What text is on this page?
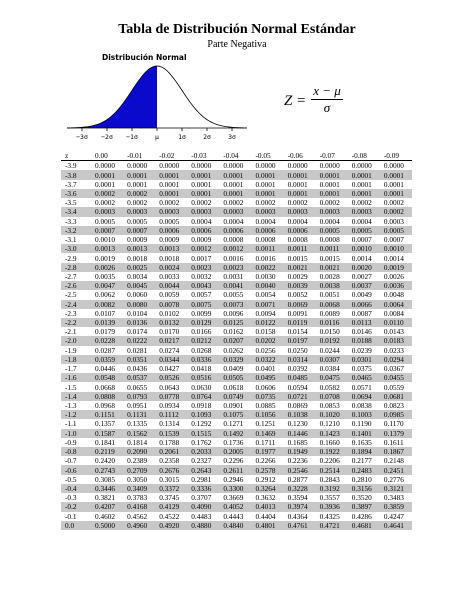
Tabla de Distribución Normal Estándar
Parte Negativa
Distribución Normal
−3σ −2σ −1σ	μ	1σ	2σ	3σ
Z =
x − μ
σ
z	0.00	-0.01	-0.02	-0.03	-0.04	-0.05	-0.06	-0.07	-0.08	-0.09
-3.9	0.0000	0.0000	0.0000	0.0000	0.0000	0.0000	0.0000	0.0000	0.0000	0.0000
-3.8	0.0001	0.0001	0.0001	0.0001	0.0001	0.0001	0.0001	0.0001	0.0001	0.0001
-3.7	0.0001	0.0001	0.0001	0.0001	0.0001	0.0001	0.0001	0.0001	0.0001	0.0001
-3.6	0.0002	0.0002	0.0001	0.0001	0.0001	0.0001	0.0001	0.0001	0.0001	0.0001
-3.5	0.0002	0.0002	0.0002	0.0002	0.0002	0.0002	0.0002	0.0002	0.0002	0.0002
-3.4	0.0003	0.0003	0.0003	0.0003	0.0003	0.0003	0.0003	0.0003	0.0003	0.0002
-3.3	0.0005	0.0005	0.0005	0.0004	0.0004	0.0004	0.0004	0.0004	0.0004	0.0003
-3.2	0.0007	0.0007	0.0006	0.0006	0.0006	0.0006	0.0006	0.0005	0.0005	0.0005
-3.1	0.0010	0.0009	0.0009	0.0009	0.0008	0.0008	0.0008	0.0008	0.0007	0.0007
-3.0	0.0013	0.0013	0.0013	0.0012	0.0012	0.0011	0.0011	0.0011	0.0010	0.0010
-2.9	0.0019	0.0018	0.0018	0.0017	0.0016	0.0016	0.0015	0.0015	0.0014	0.0014
-2.8	0.0026	0.0025	0.0024	0.0023	0.0023	0.0022	0.0021	0.0021	0.0020	0.0019
-2.7	0.0035	0.0034	0.0033	0.0032	0.0031	0.0030	0.0029	0.0028	0.0027	0.0026
-2.6	0.0047	0.0045	0.0044	0.0043	0.0041	0.0040	0.0039	0.0038	0.0037	0.0036
-2.5	0.0062	0.0060	0.0059	0.0057	0.0055	0.0054	0.0052	0.0051	0.0049	0.0048
-2.4	0.0082	0.0080	0.0078	0.0075	0.0073	0.0071	0.0069	0.0068	0.0066	0.0064
-2.3	0.0107	0.0104	0.0102	0.0099	0.0096	0.0094	0.0091	0.0089	0.0087	0.0084
-2.2	0.0139	0.0136	0.0132	0.0129	0.0125	0.0122	0.0119	0.0116	0.0113	0.0110
-2.1	0.0179	0.0174	0.0170	0.0166	0.0162	0.0158	0.0154	0.0150	0.0146	0.0143
-2.0	0.0228	0.0222	0.0217	0.0212	0.0207	0.0202	0.0197	0.0192	0.0188	0.0183
-1.9	0.0287	0.0281	0.0274	0.0268	0.0262	0.0256	0.0250	0.0244	0.0239	0.0233
-1.8	0.0359	0.0351	0.0344	0.0336	0.0329	0.0322	0.0314	0.0307	0.0301	0.0294
-1.7	0.0446	0.0436	0.0427	0.0418	0.0409	0.0401	0.0392	0.0384	0.0375	0.0367
-1.6	0.0548	0.0537	0.0526	0.0516	0.0505	0.0495	0.0485	0.0475	0.0465	0.0455
-1.5	0.0668	0.0655	0.0643	0.0630	0.0618	0.0606	0.0594	0.0582	0.0571	0.0559
-1.4	0.0808	0.0793	0.0778	0.0764	0.0749	0.0735	0.0721	0.0708	0.0694	0.0681
-1.3	0.0968	0.0951	0.0934	0.0918	0.0901	0.0885	0.0869	0.0853	0.0838	0.0823
-1.2	0.1151	0.1131	0.1112	0.1093	0.1075	0.1056	0.1038	0.1020	0.1003	0.0985
-1.1	0.1357	0.1335	0.1314	0.1292	0.1271	0.1251	0.1230	0.1210	0.1190	0.1170
-1.0	0.1587	0.1562	0.1539	0.1515	0.1492	0.1469	0.1446	0.1423	0.1401	0.1379
-0.9	0.1841	0.1814	0.1788	0.1762	0.1736	0.1711	0.1685	0.1660	0.1635	0.1611
-0.8	0.2119	0.2090	0.2061	0.2033	0.2005	0.1977	0.1949	0.1922	0.1894	0.1867
-0.7	0.2420	0.2389	0.2358	0.2327	0.2296	0.2266	0.2236	0.2206	0.2177	0.2148
-0.6	0.2743	0.2709	0.2676	0.2643	0.2611	0.2578	0.2546	0.2514	0.2483	0.2451
-0.5	0.3085	0.3050	0.3015	0.2981	0.2946	0.2912	0.2877	0.2843	0.2810	0.2776
-0.4	0.3446	0.3409	0.3372	0.3336	0.3300	0.3264	0.3228	0.3192	0.3156	0.3121
-0.3	0.3821	0.3783	0.3745	0.3707	0.3669	0.3632	0.3594	0.3557	0.3520	0.3483
-0.2	0.4207	0.4168	0.4129	0.4090	0.4052	0.4013	0.3974	0.3936	0.3897	0.3859
-0.1	0.4602	0.4562	0.4522	0.4483	0.4443	0.4404	0.4364	0.4325	0.4286	0.4247
0.0	0.5000	0.4960	0.4920	0.4880	0.4840	0.4801	0.4761	0.4721	0.4681	0.4641
